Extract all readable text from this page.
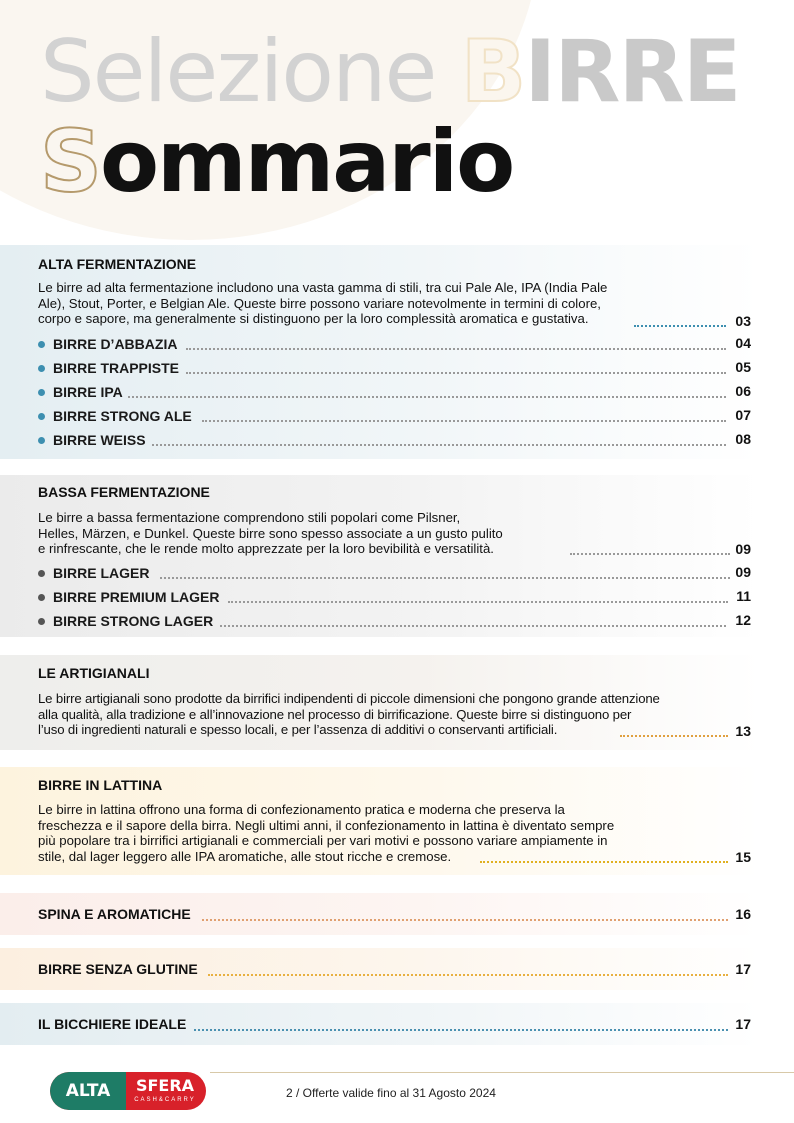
Selezione BIRRE
Sommario
ALTA FERMENTAZIONE
Le birre ad alta fermentazione includono una vasta gamma di stili, tra cui Pale Ale, IPA (India Pale
Ale), Stout, Porter, e Belgian Ale. Queste birre possono variare notevolmente in termini di colore,
corpo e sapore, ma generalmente si distinguono per la loro complessità aromatica e gustativa.	03
BIRRE D’ABBAZIA	04
BIRRE TRAPPISTE	05
BIRRE IPA	06
BIRRE STRONG ALE	07
BIRRE WEISS	08
BASSA FERMENTAZIONE
Le birre a bassa fermentazione comprendono stili popolari come Pilsner,
Helles, Märzen, e Dunkel. Queste birre sono spesso associate a un gusto pulito
e rinfrescante, che le rende molto apprezzate per la loro bevibilità e versatilità.	09
BIRRE LAGER	09
BIRRE PREMIUM LAGER	11
BIRRE STRONG LAGER	12
LE ARTIGIANALI
Le birre artigianali sono prodotte da birrifici indipendenti di piccole dimensioni che pongono grande attenzione
alla qualità, alla tradizione e all’innovazione nel processo di birrificazione. Queste birre si distinguono per
l’uso di ingredienti naturali e spesso locali, e per l’assenza di additivi o conservanti artificiali.	13
BIRRE IN LATTINA
Le birre in lattina offrono una forma di confezionamento pratica e moderna che preserva la
freschezza e il sapore della birra. Negli ultimi anni, il confezionamento in lattina è diventato sempre
più popolare tra i birrifici artigianali e commerciali per vari motivi e possono variare ampiamente in
stile, dal lager leggero alle IPA aromatiche, alle stout ricche e cremose.	15
SPINA E AROMATICHE	16
BIRRE SENZA GLUTINE	17
IL BICCHIERE IDEALE	17
ALTA	SFERA
CASH&CARRY	2 / Offerte valide fino al 31 Agosto 2024
